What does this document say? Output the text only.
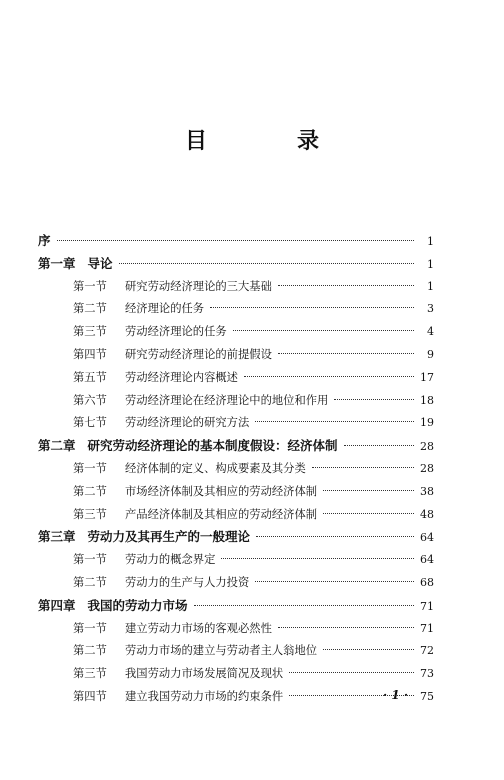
目　录
序	1
第一章 导论	1
第一节	研究劳动经济理论的三大基础	1
第二节	经济理论的任务	3
第三节	劳动经济理论的任务	4
第四节	研究劳动经济理论的前提假设	9
第五节	劳动经济理论内容概述	17
第六节	劳动经济理论在经济理论中的地位和作用	18
第七节	劳动经济理论的研究方法	19
第二章 研究劳动经济理论的基本制度假设：经济体制	28
第一节	经济体制的定义、构成要素及其分类	28
第二节	市场经济体制及其相应的劳动经济体制	38
第三节	产品经济体制及其相应的劳动经济体制	48
第三章 劳动力及其再生产的一般理论	64
第一节	劳动力的概念界定	64
第二节	劳动力的生产与人力投资	68
第四章 我国的劳动力市场	71
第一节	建立劳动力市场的客观必然性	71
第二节	劳动力市场的建立与劳动者主人翁地位	72
第三节	我国劳动力市场发展简况及现状	73
第四节	建立我国劳动力市场的约束条件	75
· 1 ·
